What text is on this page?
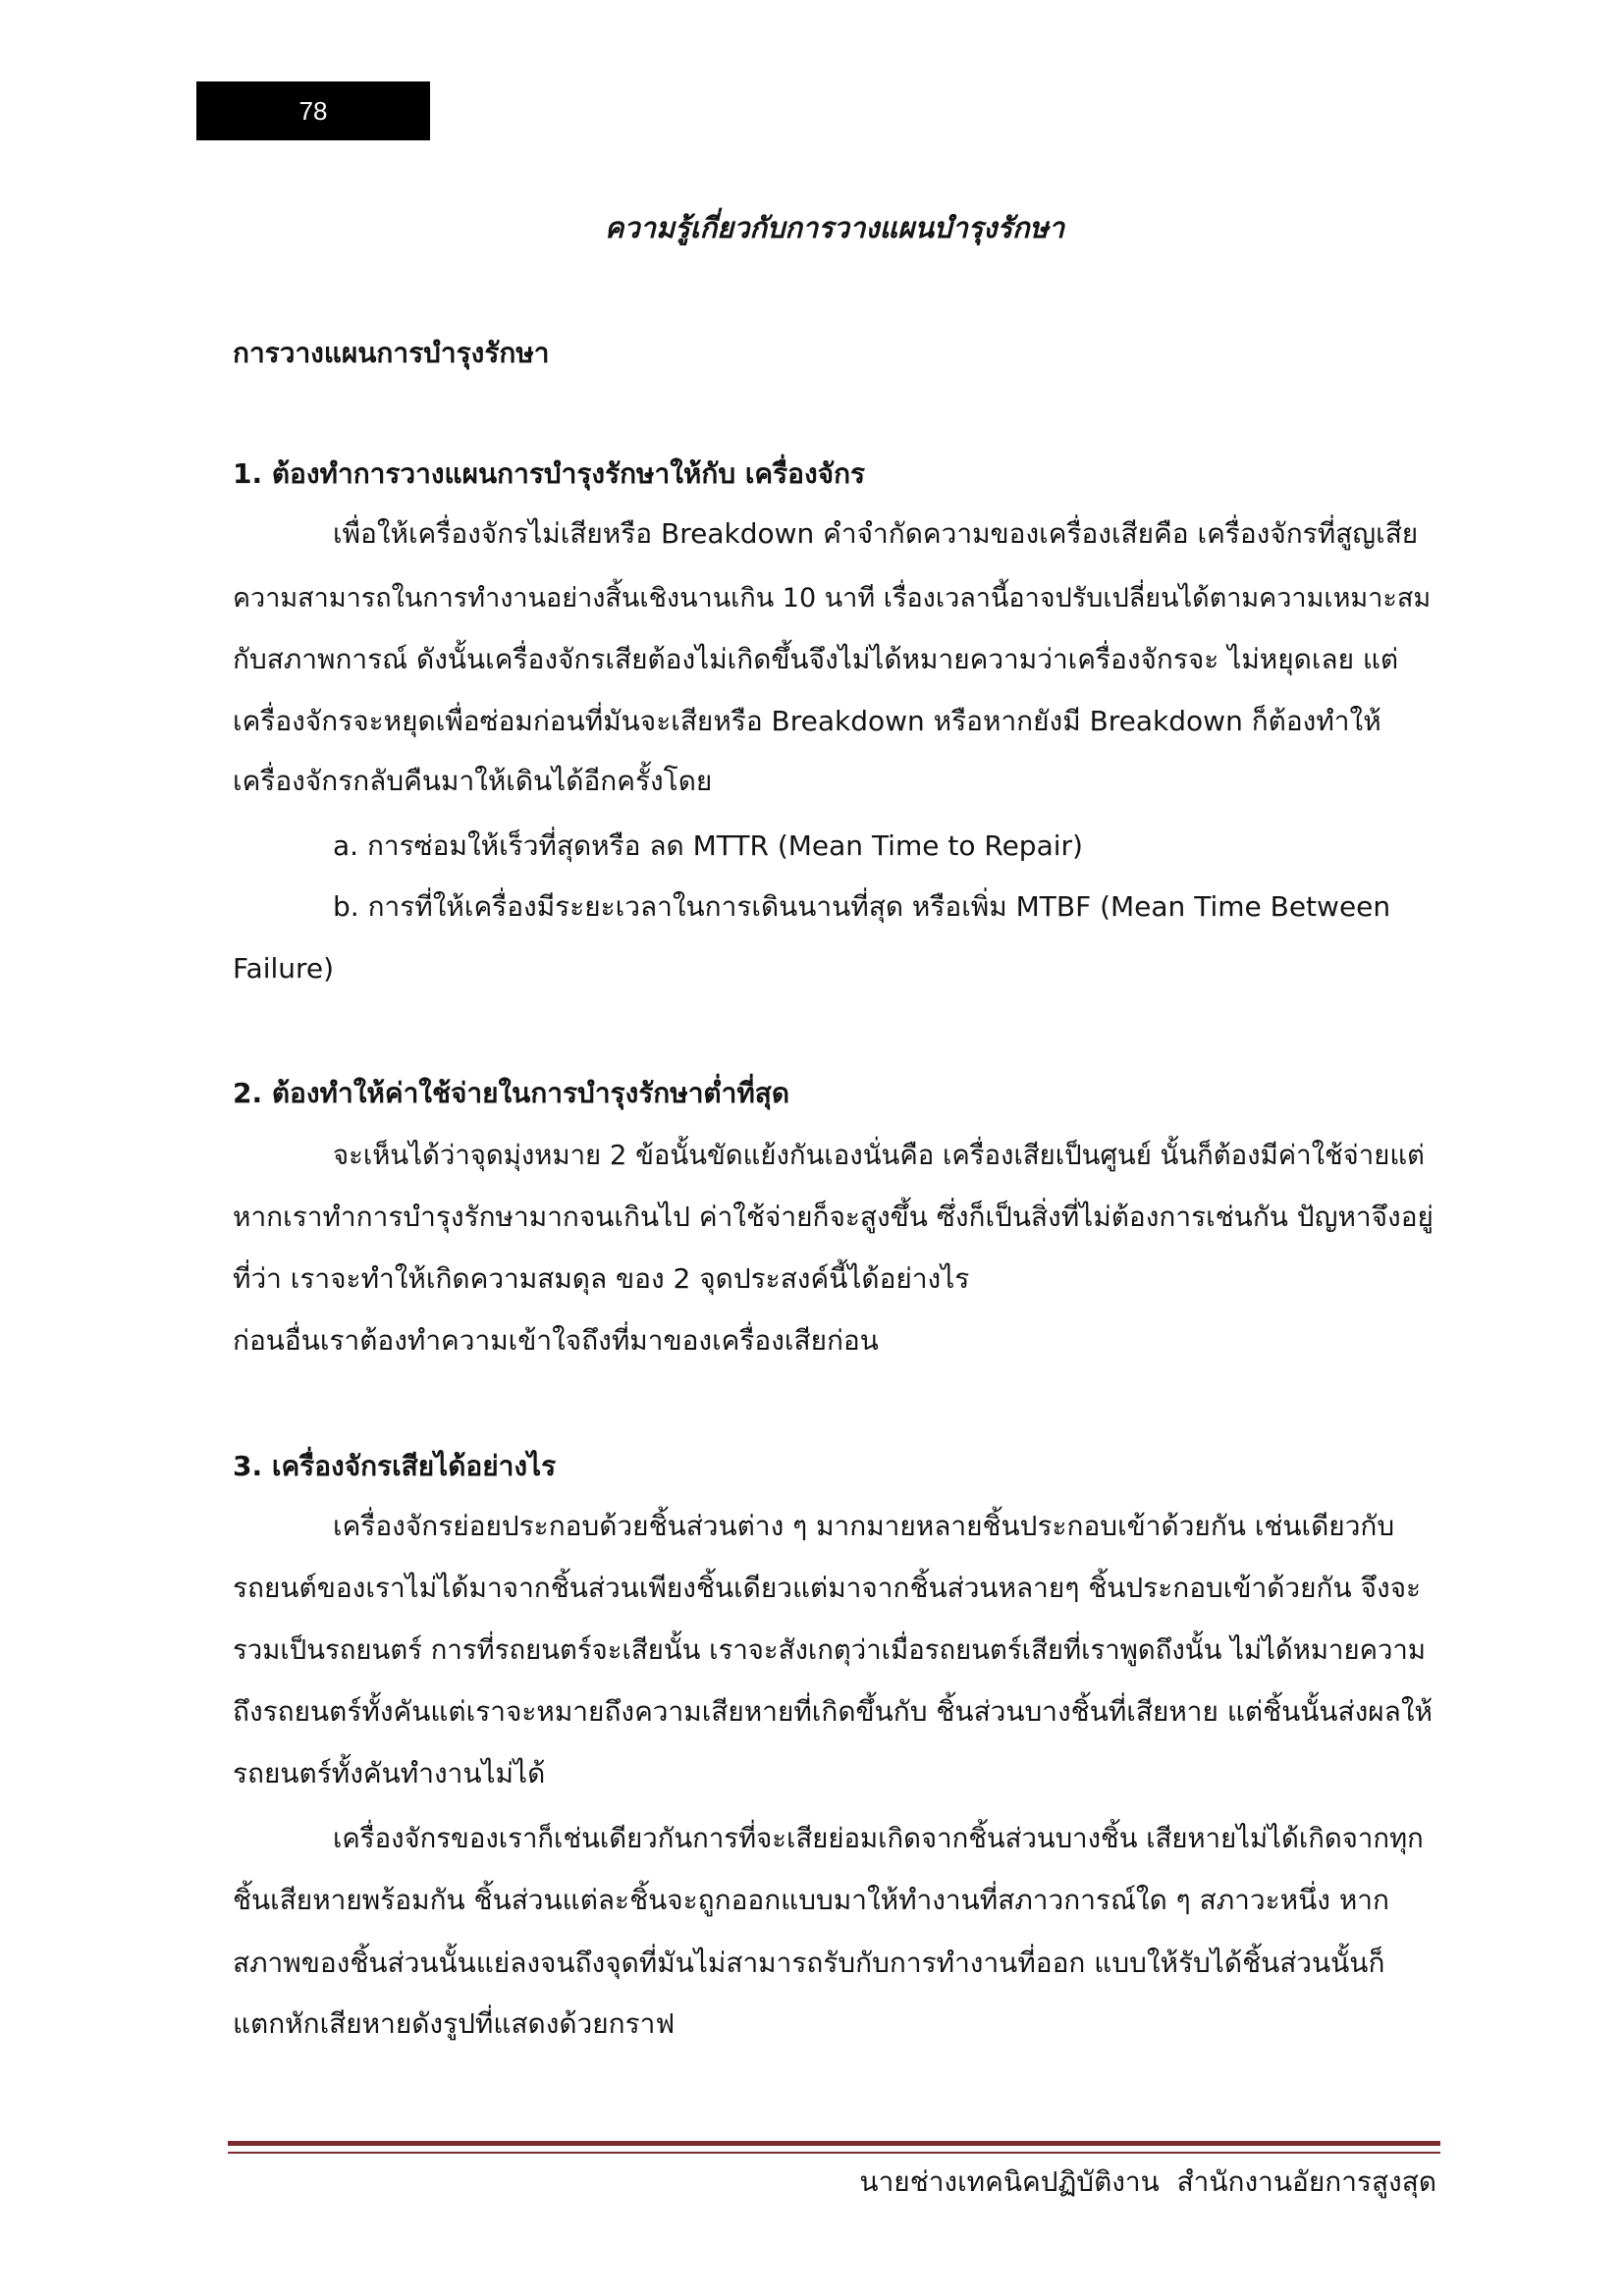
78
ความรู้เกี่ยวกับการวางแผนบำรุงรักษา
การวางแผนการบำรุงรักษา
1. ต้องทำการวางแผนการบำรุงรักษาให้กับ เครื่องจักร
เพื่อให้เครื่องจักรไม่เสียหรือ Breakdown คำจำกัดความของเครื่องเสียคือ เครื่องจักรที่สูญเสีย
ความสามารถในการทำงานอย่างสิ้นเชิงนานเกิน 10 นาที เรื่องเวลานี้อาจปรับเปลี่ยนได้ตามความเหมาะสม
กับสภาพการณ์ ดังนั้นเครื่องจักรเสียต้องไม่เกิดขึ้นจึงไม่ได้หมายความว่าเครื่องจักรจะ ไม่หยุดเลย แต่
เครื่องจักรจะหยุดเพื่อซ่อมก่อนที่มันจะเสียหรือ Breakdown หรือหากยังมี Breakdown ก็ต้องทำให้
เครื่องจักรกลับคืนมาให้เดินได้อีกครั้งโดย
a. การซ่อมให้เร็วที่สุดหรือ ลด MTTR (Mean Time to Repair)
b. การที่ให้เครื่องมีระยะเวลาในการเดินนานที่สุด หรือเพิ่ม MTBF (Mean Time Between
Failure)
2. ต้องทำให้ค่าใช้จ่ายในการบำรุงรักษาต่ำที่สุด
จะเห็นได้ว่าจุดมุ่งหมาย 2 ข้อนั้นขัดแย้งกันเองนั่นคือ เครื่องเสียเป็นศูนย์ นั้นก็ต้องมีค่าใช้จ่ายแต่
หากเราทำการบำรุงรักษามากจนเกินไป ค่าใช้จ่ายก็จะสูงขึ้น ซึ่งก็เป็นสิ่งที่ไม่ต้องการเช่นกัน ปัญหาจึงอยู่
ที่ว่า เราจะทำให้เกิดความสมดุล ของ 2 จุดประสงค์นี้ได้อย่างไร
ก่อนอื่นเราต้องทำความเข้าใจถึงที่มาของเครื่องเสียก่อน
3. เครื่องจักรเสียได้อย่างไร
เครื่องจักรย่อยประกอบด้วยชิ้นส่วนต่าง ๆ มากมายหลายชิ้นประกอบเข้าด้วยกัน เช่นเดียวกับ
รถยนต์ของเราไม่ได้มาจากชิ้นส่วนเพียงชิ้นเดียวแต่มาจากชิ้นส่วนหลายๆ ชิ้นประกอบเข้าด้วยกัน จึงจะ
รวมเป็นรถยนตร์ การที่รถยนตร์จะเสียนั้น เราจะสังเกตุว่าเมื่อรถยนตร์เสียที่เราพูดถึงนั้น ไม่ได้หมายความ
ถึงรถยนตร์ทั้งคันแต่เราจะหมายถึงความเสียหายที่เกิดขึ้นกับ ชิ้นส่วนบางชิ้นที่เสียหาย แต่ชิ้นนั้นส่งผลให้
รถยนตร์ทั้งคันทำงานไม่ได้
เครื่องจักรของเราก็เช่นเดียวกันการที่จะเสียย่อมเกิดจากชิ้นส่วนบางชิ้น เสียหายไม่ได้เกิดจากทุก
ชิ้นเสียหายพร้อมกัน ชิ้นส่วนแต่ละชิ้นจะถูกออกแบบมาให้ทำงานที่สภาวการณ์ใด ๆ สภาวะหนึ่ง หาก
สภาพของชิ้นส่วนนั้นแย่ลงจนถึงจุดที่มันไม่สามารถรับกับการทำงานที่ออก แบบให้รับได้ชิ้นส่วนนั้นก็
แตกหักเสียหายดังรูปที่แสดงด้วยกราฟ
นายช่างเทคนิคปฏิบัติงาน  สำนักงานอัยการสูงสุด
